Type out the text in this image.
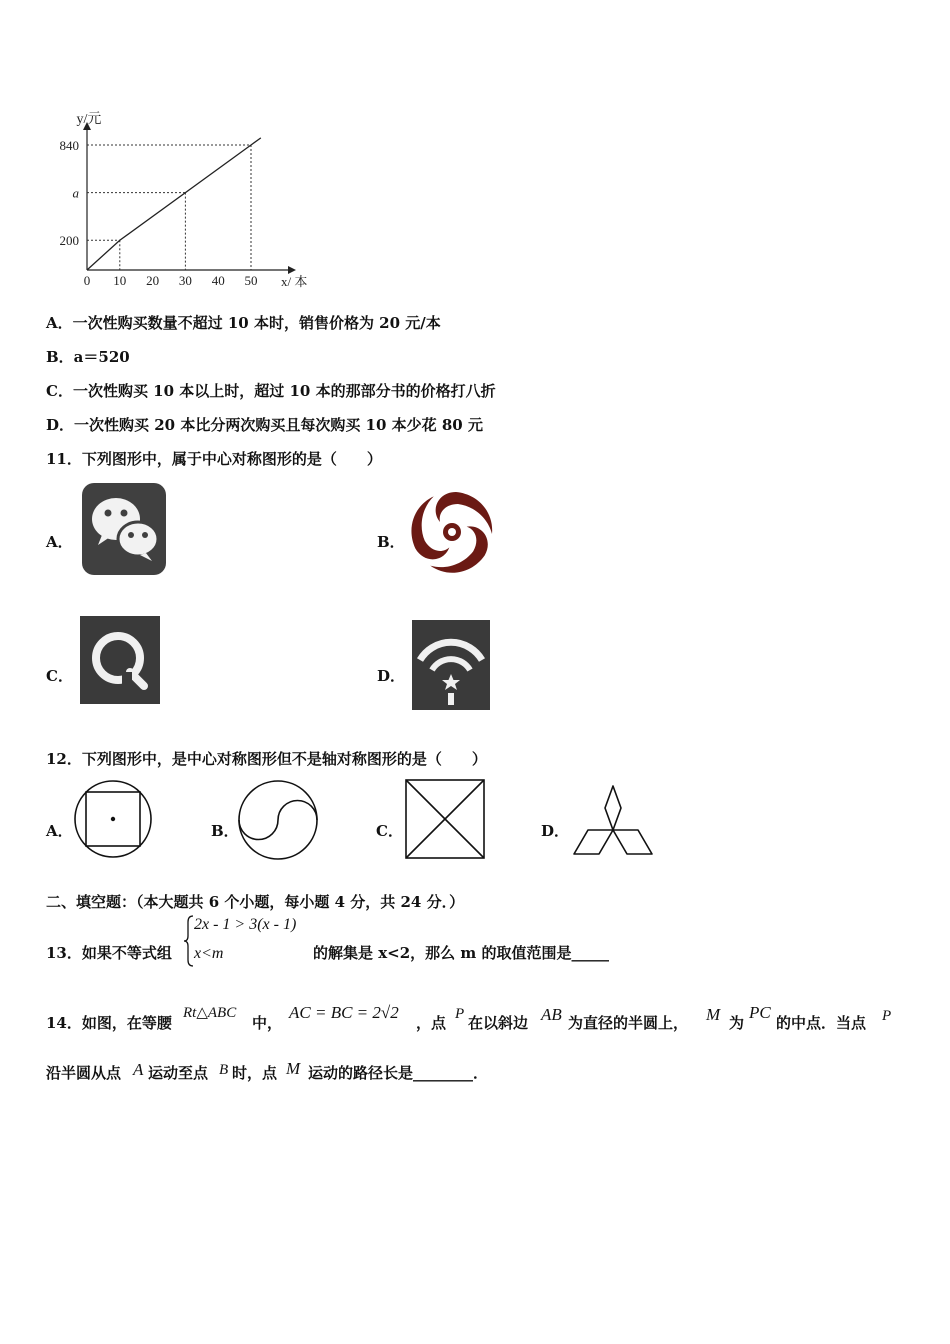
0 10 20 30 40 50
200
a
840
y/元
x/ 本
A．一次性购买数量不超过 10 本时，销售价格为 20 元/本
B．a＝520
C．一次性购买 10 本以上时，超过 10 本的那部分书的价格打八折
D．一次性购买 20 本比分两次购买且每次购买 10 本少花 80 元
11．下列图形中，属于中心对称图形的是（　　）
A．	B．
C．	D．
12．下列图形中，是中心对称图形但不是轴对称图形的是（　　）
A．	B．	C．	D．
二、填空题：（本大题共 6 个小题，每小题 4 分，共 24 分．）
13．如果不等式组
2x - 1 > 3(x - 1)
x<m	的解集是 x<2，那么 m 的取值范围是_____
14．如图，在等腰
Rt△ABC
中，
AC = BC = 2√2
，点 P 在以斜边 AB 为直径的半圆上， M 为
PC
的中点．当点 P
沿半圆从点 A 运动至点 B 时，点 M 运动的路径长是________．
